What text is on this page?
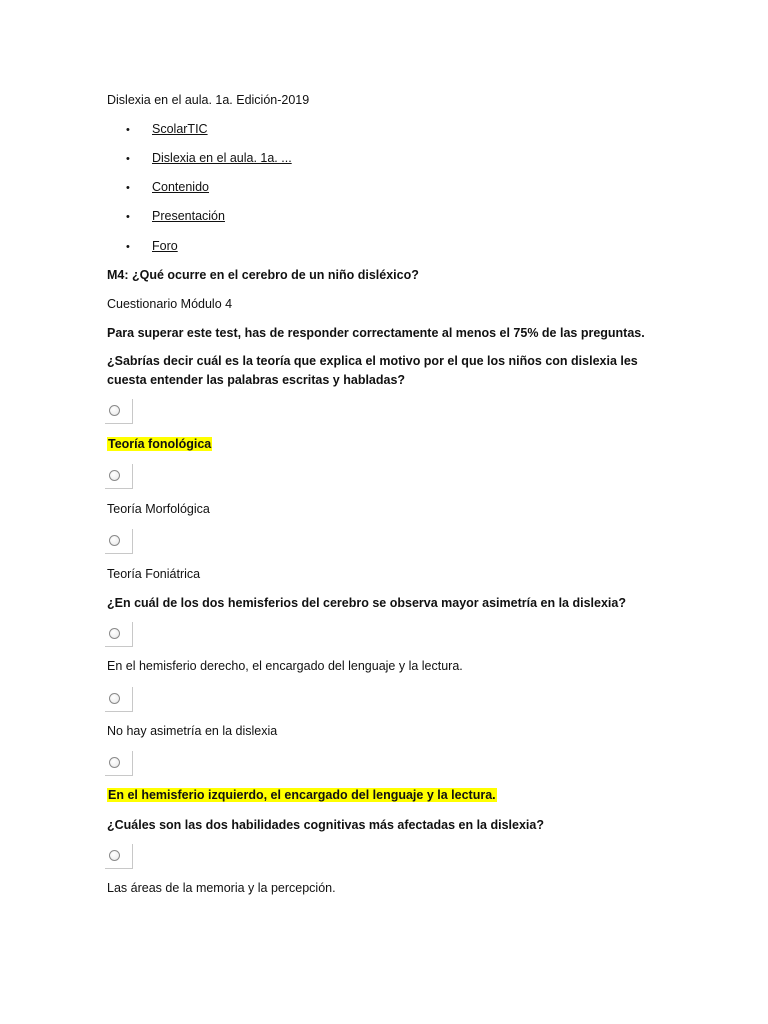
Dislexia en el aula. 1a. Edición-2019
• ScolarTIC
• Dislexia en el aula. 1a. ...
• Contenido
• Presentación
• Foro
M4: ¿Qué ocurre en el cerebro de un niño disléxico?
Cuestionario Módulo 4
Para superar este test, has de responder correctamente al menos el 75% de las preguntas.
¿Sabrías decir cuál es la teoría que explica el motivo por el que los niños con dislexia les cuesta entender las palabras escritas y habladas?
Teoría fonológica
Teoría Morfológica
Teoría Foniátrica
¿En cuál de los dos hemisferios del cerebro se observa mayor asimetría en la dislexia?
En el hemisferio derecho, el encargado del lenguaje y la lectura.
No hay asimetría en la dislexia
En el hemisferio izquierdo, el encargado del lenguaje y la lectura.
¿Cuáles son las dos habilidades cognitivas más afectadas en la dislexia?
Las áreas de la memoria y la percepción.
